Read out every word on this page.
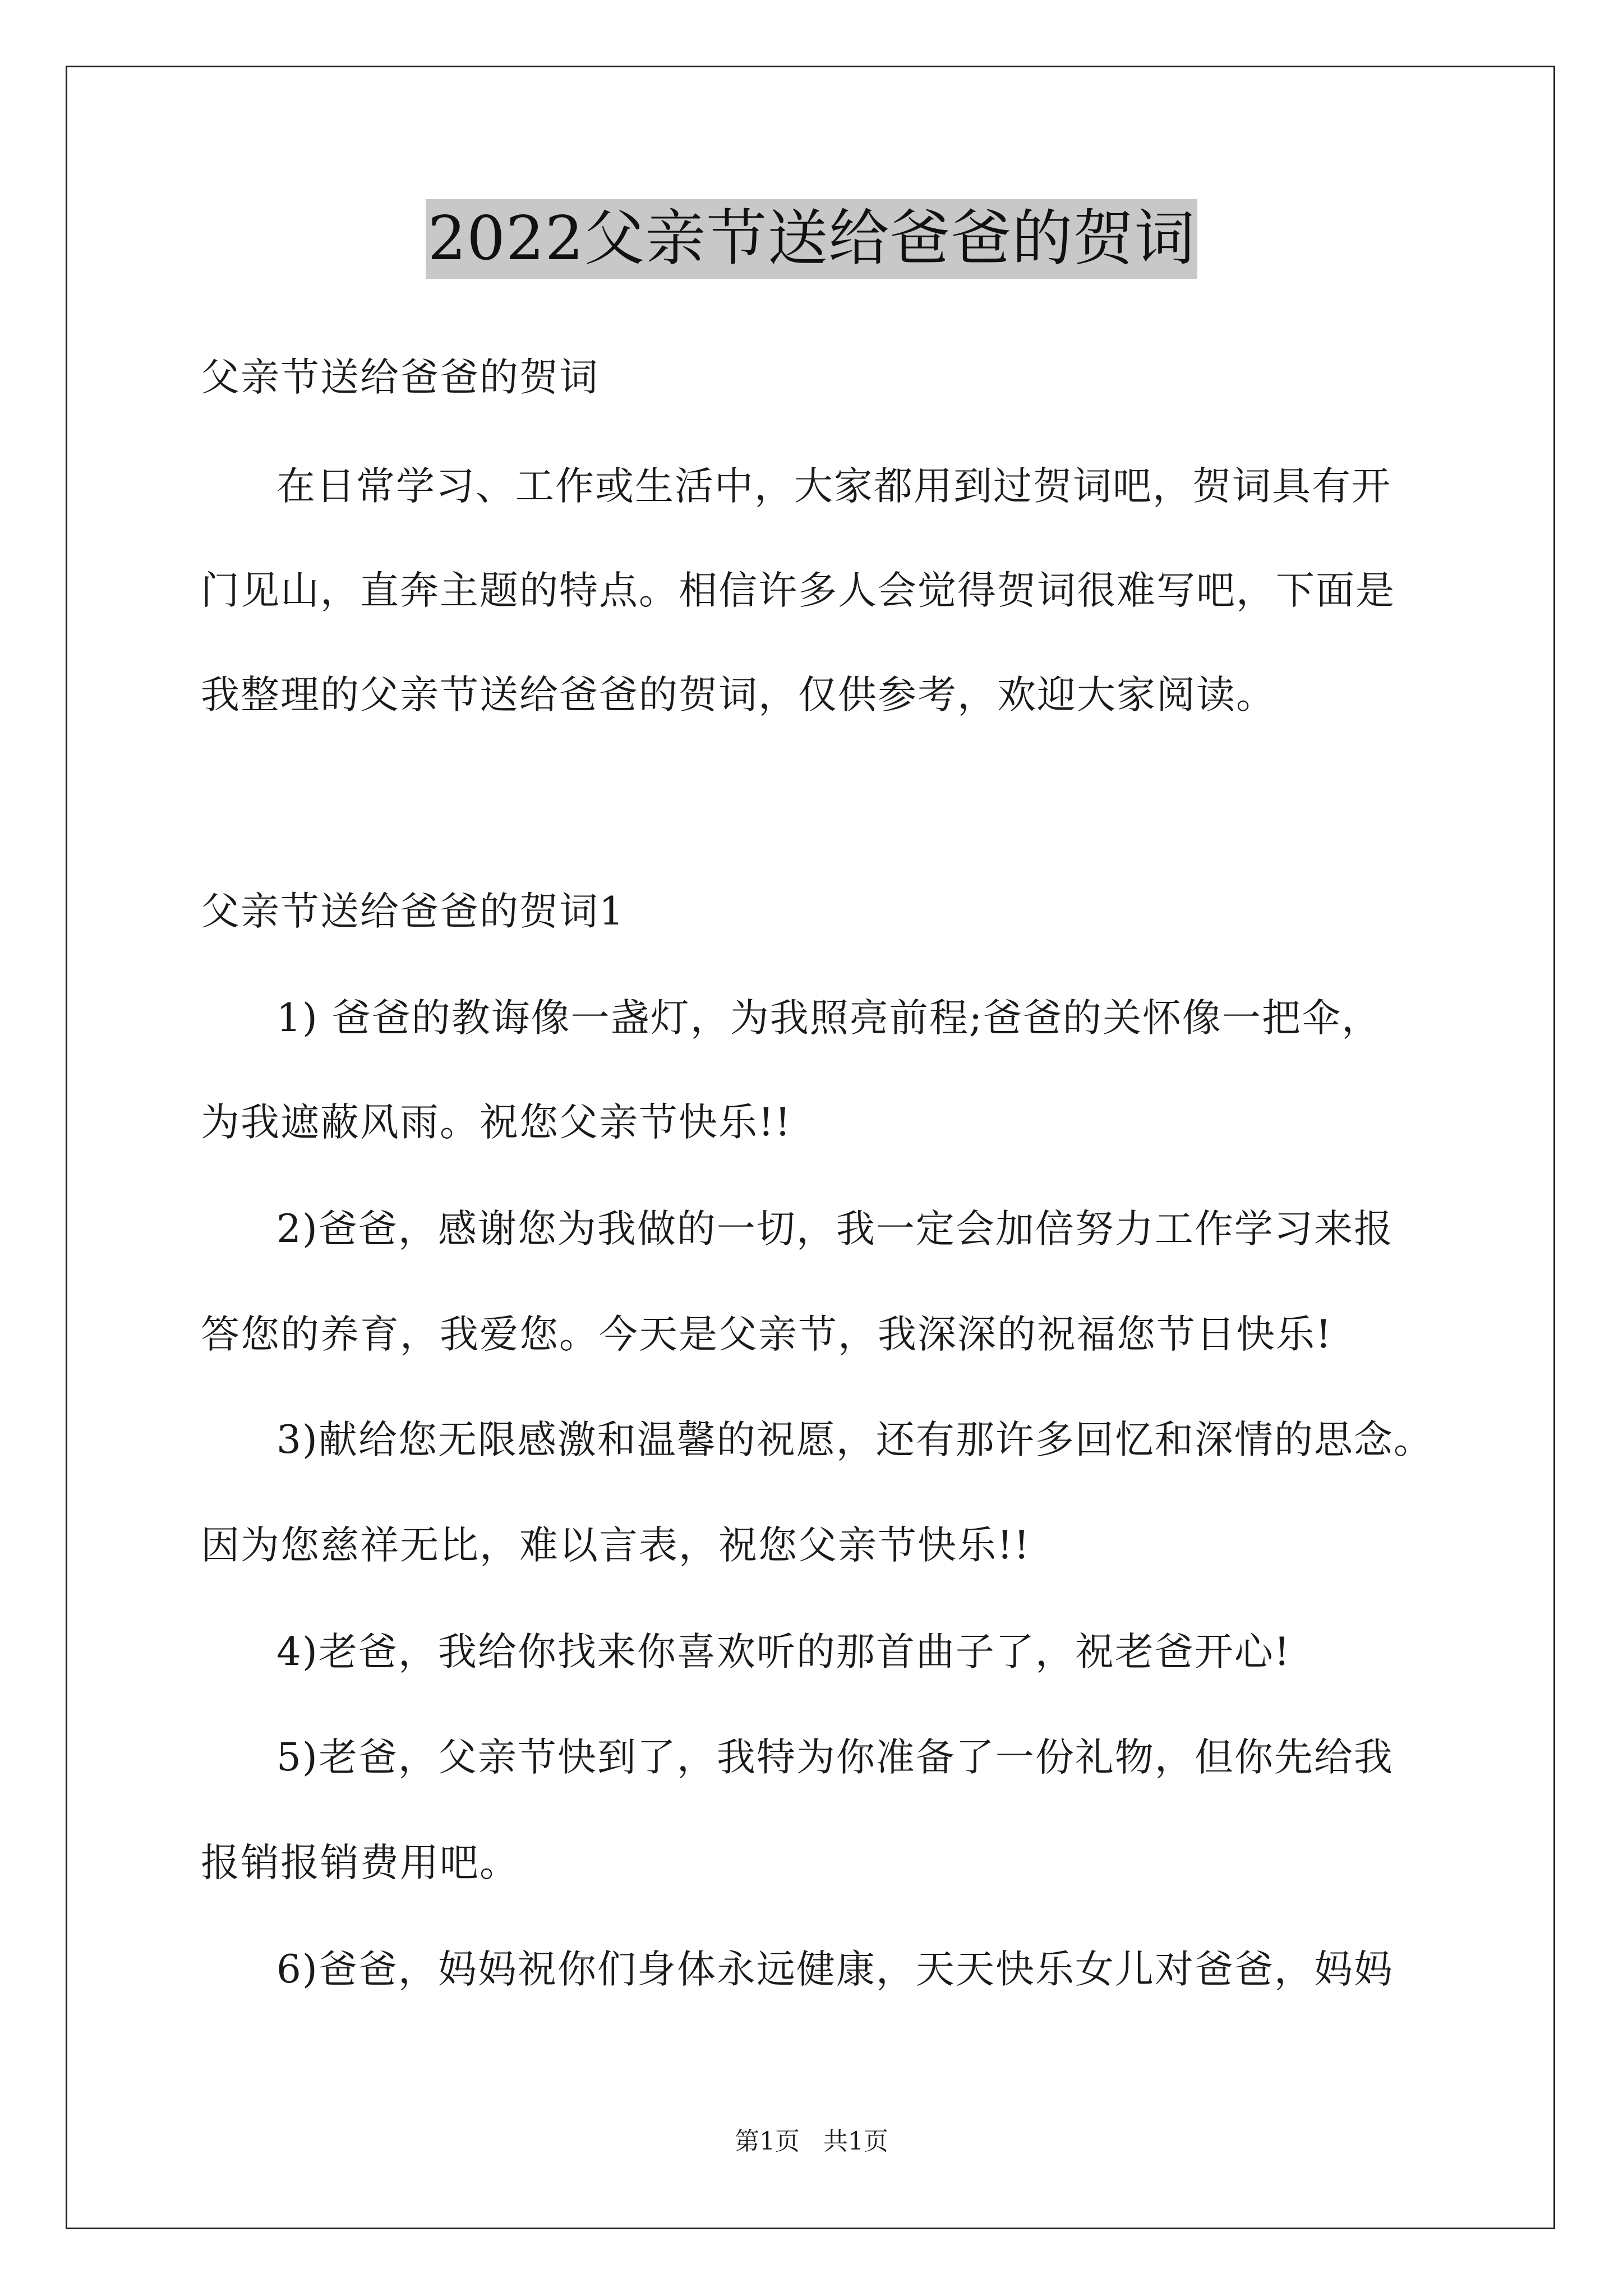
2022父亲节送给爸爸的贺词
父亲节送给爸爸的贺词
在日常学习、工作或生活中，大家都用到过贺词吧，贺词具有开
门见山，直奔主题的特点。相信许多人会觉得贺词很难写吧，下面是
我整理的父亲节送给爸爸的贺词，仅供参考，欢迎大家阅读。
父亲节送给爸爸的贺词1
1) 爸爸的教诲像一盏灯，为我照亮前程;爸爸的关怀像一把伞，
为我遮蔽风雨。祝您父亲节快乐!!
2)爸爸，感谢您为我做的一切，我一定会加倍努力工作学习来报
答您的养育，我爱您。今天是父亲节，我深深的祝福您节日快乐!
3)献给您无限感激和温馨的祝愿，还有那许多回忆和深情的思念。
因为您慈祥无比，难以言表，祝您父亲节快乐!!
4)老爸，我给你找来你喜欢听的那首曲子了，祝老爸开心!
5)老爸，父亲节快到了，我特为你准备了一份礼物，但你先给我
报销报销费用吧。
6)爸爸，妈妈祝你们身体永远健康，天天快乐女儿对爸爸，妈妈
第1页   共1页
